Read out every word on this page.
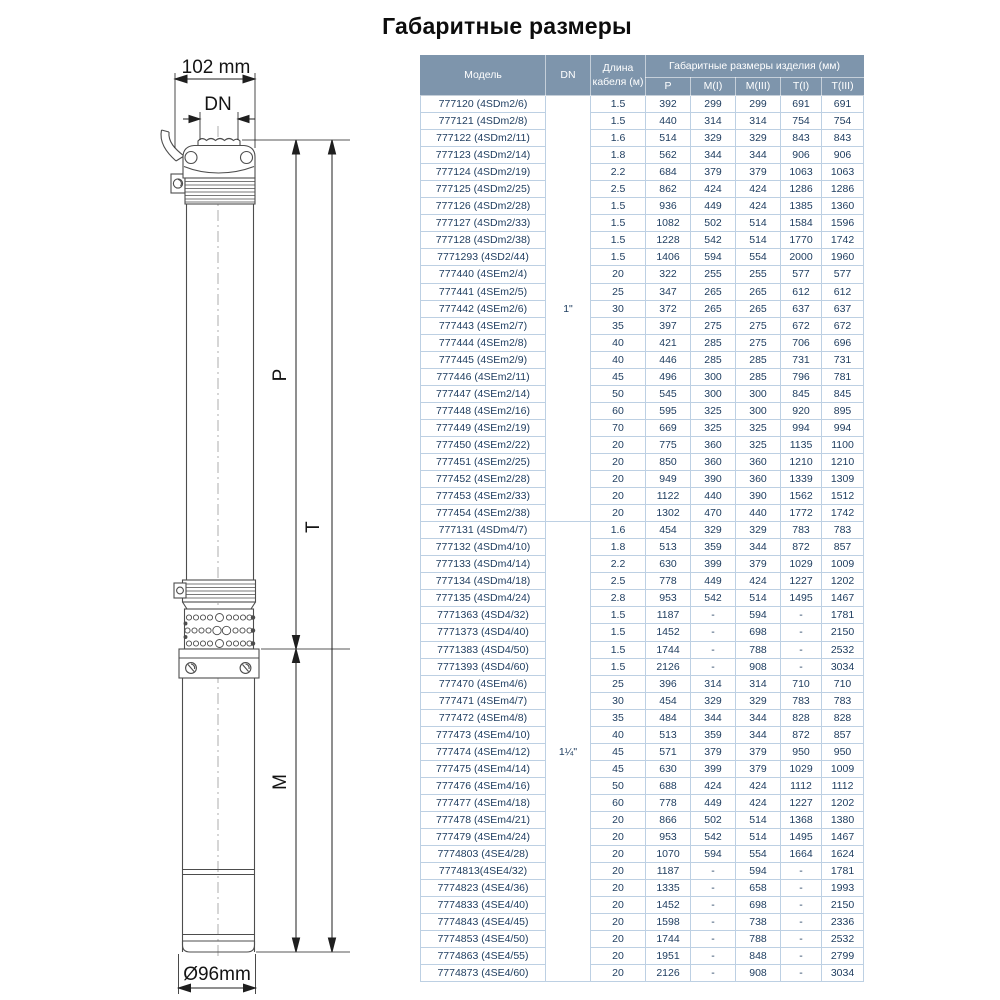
Габаритные размеры
102 mm
DN
P
T
M
Ø96mm
Модель	DN	Длина кабеля (м)	Габаритные размеры изделия (мм)				
			P	M(I)	M(III)	T(I)	T(III)
777120 (4SDm2/6)	1"	1.5	392	299	299	691	691
777121 (4SDm2/8)		1.5	440	314	314	754	754
777122 (4SDm2/11)		1.6	514	329	329	843	843
777123 (4SDm2/14)		1.8	562	344	344	906	906
777124 (4SDm2/19)		2.2	684	379	379	1063	1063
777125 (4SDm2/25)		2.5	862	424	424	1286	1286
777126 (4SDm2/28)		1.5	936	449	424	1385	1360
777127 (4SDm2/33)		1.5	1082	502	514	1584	1596
777128 (4SDm2/38)		1.5	1228	542	514	1770	1742
7771293 (4SD2/44)		1.5	1406	594	554	2000	1960
777440 (4SEm2/4)		20	322	255	255	577	577
777441 (4SEm2/5)		25	347	265	265	612	612
777442 (4SEm2/6)		30	372	265	265	637	637
777443 (4SEm2/7)		35	397	275	275	672	672
777444 (4SEm2/8)		40	421	285	275	706	696
777445 (4SEm2/9)		40	446	285	285	731	731
777446 (4SEm2/11)		45	496	300	285	796	781
777447 (4SEm2/14)		50	545	300	300	845	845
777448 (4SEm2/16)		60	595	325	300	920	895
777449 (4SEm2/19)		70	669	325	325	994	994
777450 (4SEm2/22)		20	775	360	325	1135	1100
777451 (4SEm2/25)		20	850	360	360	1210	1210
777452 (4SEm2/28)		20	949	390	360	1339	1309
777453 (4SEm2/33)		20	1122	440	390	1562	1512
777454 (4SEm2/38)		20	1302	470	440	1772	1742
777131 (4SDm4/7)	1¼"	1.6	454	329	329	783	783
777132 (4SDm4/10)		1.8	513	359	344	872	857
777133 (4SDm4/14)		2.2	630	399	379	1029	1009
777134 (4SDm4/18)		2.5	778	449	424	1227	1202
777135 (4SDm4/24)		2.8	953	542	514	1495	1467
7771363 (4SD4/32)		1.5	1187	-	594	-	1781
7771373 (4SD4/40)		1.5	1452	-	698	-	2150
7771383 (4SD4/50)		1.5	1744	-	788	-	2532
7771393 (4SD4/60)		1.5	2126	-	908	-	3034
777470 (4SEm4/6)		25	396	314	314	710	710
777471 (4SEm4/7)		30	454	329	329	783	783
777472 (4SEm4/8)		35	484	344	344	828	828
777473 (4SEm4/10)		40	513	359	344	872	857
777474 (4SEm4/12)		45	571	379	379	950	950
777475 (4SEm4/14)		45	630	399	379	1029	1009
777476 (4SEm4/16)		50	688	424	424	1112	1112
777477 (4SEm4/18)		60	778	449	424	1227	1202
777478 (4SEm4/21)		20	866	502	514	1368	1380
777479 (4SEm4/24)		20	953	542	514	1495	1467
7774803 (4SE4/28)		20	1070	594	554	1664	1624
7774813(4SE4/32)		20	1187	-	594	-	1781
7774823 (4SE4/36)		20	1335	-	658	-	1993
7774833 (4SE4/40)		20	1452	-	698	-	2150
7774843 (4SE4/45)		20	1598	-	738	-	2336
7774853 (4SE4/50)		20	1744	-	788	-	2532
7774863 (4SE4/55)		20	1951	-	848	-	2799
7774873 (4SE4/60)		20	2126	-	908	-	3034
